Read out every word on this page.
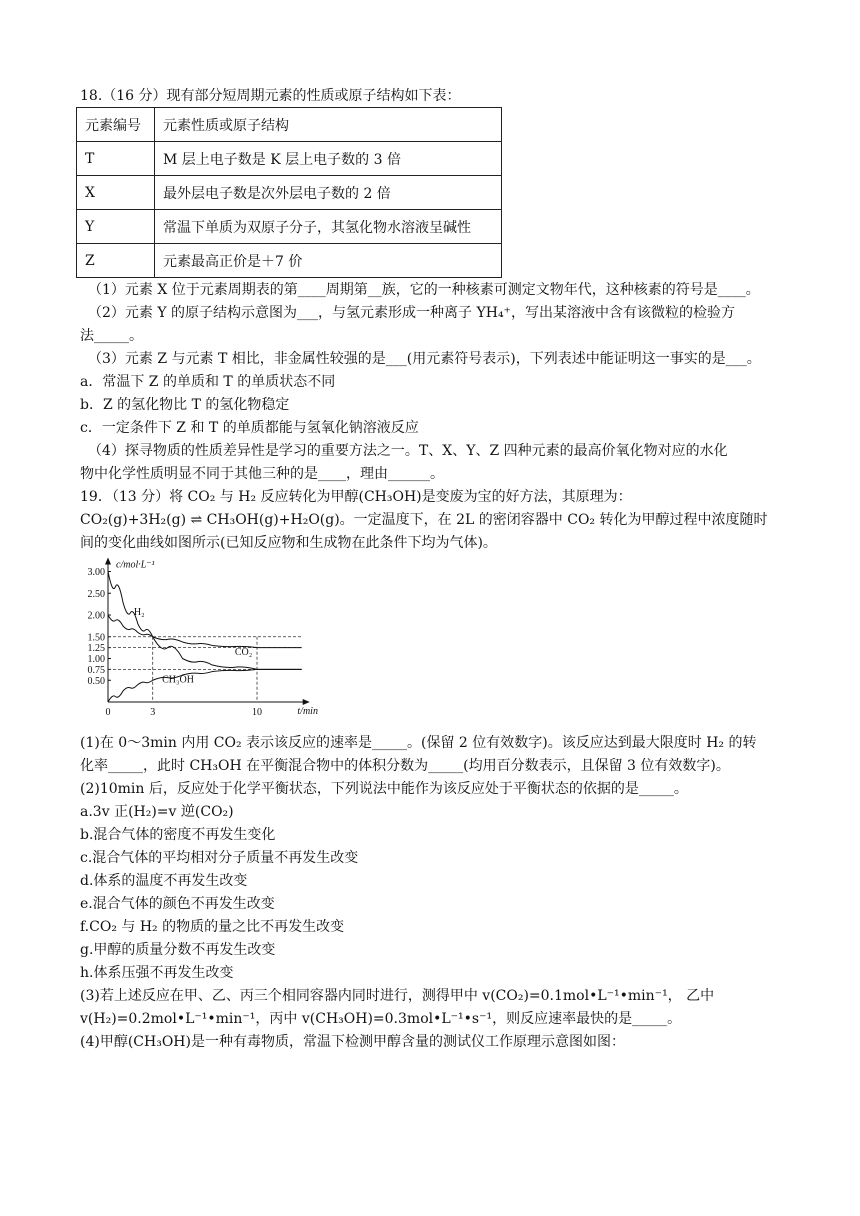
18.（16 分）现有部分短周期元素的性质或原子结构如下表：
元素编号	元素性质或原子结构
T	M 层上电子数是 K 层上电子数的 3 倍
X	最外层电子数是次外层电子数的 2 倍
Y	常温下单质为双原子分子，其氢化物水溶液呈碱性
Z	元素最高正价是＋7 价
（1）元素 X 位于元素周期表的第____周期第__族，它的一种核素可测定文物年代，这种核素的符号是____。
（2）元素 Y 的原子结构示意图为___，与氢元素形成一种离子 YH₄⁺，写出某溶液中含有该微粒的检验方
法_____。
（3）元素 Z 与元素 T 相比，非金属性较强的是___(用元素符号表示)，下列表述中能证明这一事实的是___。
a．常温下 Z 的单质和 T 的单质状态不同
b．Z 的氢化物比 T 的氢化物稳定
c．一定条件下 Z 和 T 的单质都能与氢氧化钠溶液反应
（4）探寻物质的性质差异性是学习的重要方法之一。T、X、Y、Z 四种元素的最高价氧化物对应的水化
物中化学性质明显不同于其他三种的是____，理由______。
19．（13 分）将 CO₂ 与 H₂ 反应转化为甲醇(CH₃OH)是变废为宝的好方法，其原理为：
CO₂(g)+3H₂(g) ⇌ CH₃OH(g)+H₂O(g)。一定温度下，在 2L 的密闭容器中 CO₂ 转化为甲醇过程中浓度随时
间的变化曲线如图所示(已知反应物和生成物在此条件下均为气体)。
c/mol·L⁻¹
t/min
3.00
2.50
2.00
1.50
1.25
1.00
0.75
0.50
0	3	10
H₂
CO₂
CH₃OH
(1)在 0～3min 内用 CO₂ 表示该反应的速率是_____。(保留 2 位有效数字)。该反应达到最大限度时 H₂ 的转
化率_____，此时 CH₃OH 在平衡混合物中的体积分数为_____(均用百分数表示，且保留 3 位有效数字)。
(2)10min 后，反应处于化学平衡状态，下列说法中能作为该反应处于平衡状态的依据的是_____。
a.3v 正(H₂)=v 逆(CO₂)
b.混合气体的密度不再发生变化
c.混合气体的平均相对分子质量不再发生改变
d.体系的温度不再发生改变
e.混合气体的颜色不再发生改变
f.CO₂ 与 H₂ 的物质的量之比不再发生改变
g.甲醇的质量分数不再发生改变
h.体系压强不再发生改变
(3)若上述反应在甲、乙、丙三个相同容器内同时进行，测得甲中 v(CO₂)=0.1mol•L⁻¹•min⁻¹， 乙中
v(H₂)=0.2mol•L⁻¹•min⁻¹，丙中 v(CH₃OH)=0.3mol•L⁻¹•s⁻¹，则反应速率最快的是_____。
(4)甲醇(CH₃OH)是一种有毒物质，常温下检测甲醇含量的测试仪工作原理示意图如图：
